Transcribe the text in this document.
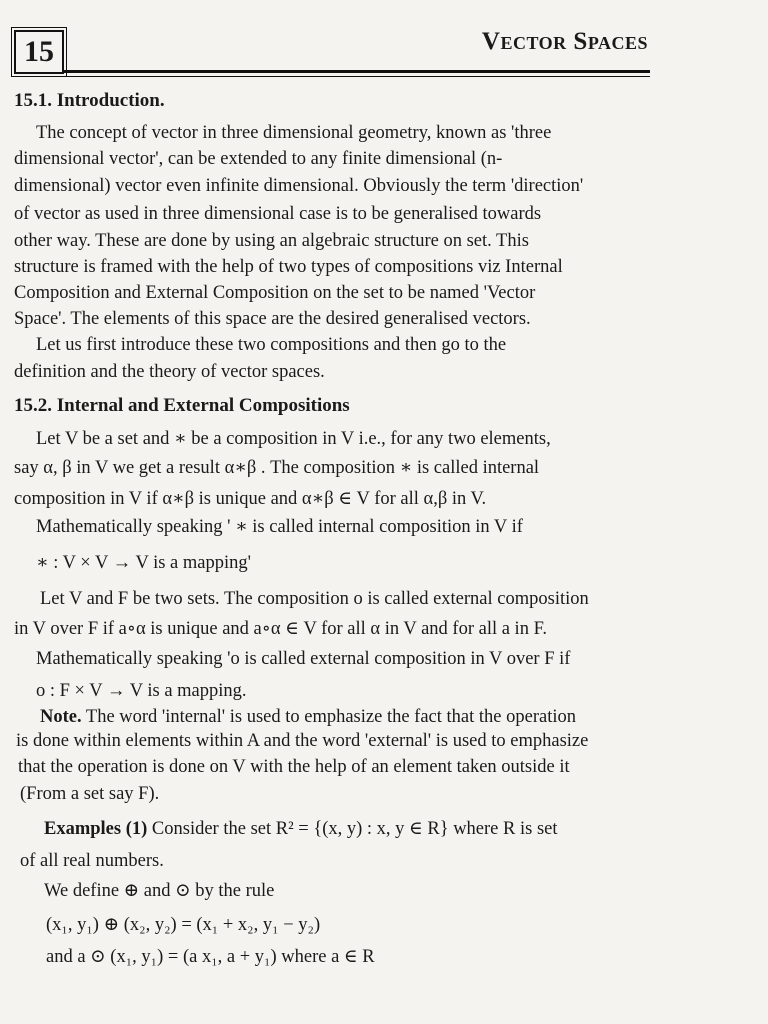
15	Vector Spaces
15.1. Introduction.
The concept of vector in three dimensional geometry, known as 'three
dimensional vector', can be extended to any finite dimensional (n-
dimensional) vector even infinite dimensional. Obviously the term 'direction'
of vector as used in three dimensional case is to be generalised towards
other way. These are done by using an algebraic structure on set. This
structure is framed with the help of two types of compositions viz Internal
Composition and External Composition on the set to be named 'Vector
Space'. The elements of this space are the desired generalised vectors.
Let us first introduce these two compositions and then go to the
definition and the theory of vector spaces.
15.2. Internal and External Compositions
Let V be a set and ∗ be a composition in V i.e., for any two elements,
say α, β in V we get a result α∗β . The composition ∗ is called internal
composition in V if α∗β is unique and α∗β ∈ V for all α,β in V.
Mathematically speaking ' ∗ is called internal composition in V if
∗ : V × V → V is a mapping'
Let V and F be two sets. The composition o is called external composition
in V over F if a∘α is unique and a∘α ∈ V for all α in V and for all a in F.
Mathematically speaking 'o is called external composition in V over F if
o : F × V → V is a mapping.
Note. The word 'internal' is used to emphasize the fact that the operation
is done within elements within A and the word 'external' is used to emphasize
that the operation is done on V with the help of an element taken outside it
(From a set say F).
Examples (1) Consider the set R² = {(x, y) : x, y ∈ R} where R is set
of all real numbers.
We define ⊕ and ⊙ by the rule
(x₁, y₁) ⊕ (x₂, y₂) = (x₁ + x₂, y₁ − y₂)
and a ⊙ (x₁, y₁) = (a x₁, a + y₁) where a ∈ R
